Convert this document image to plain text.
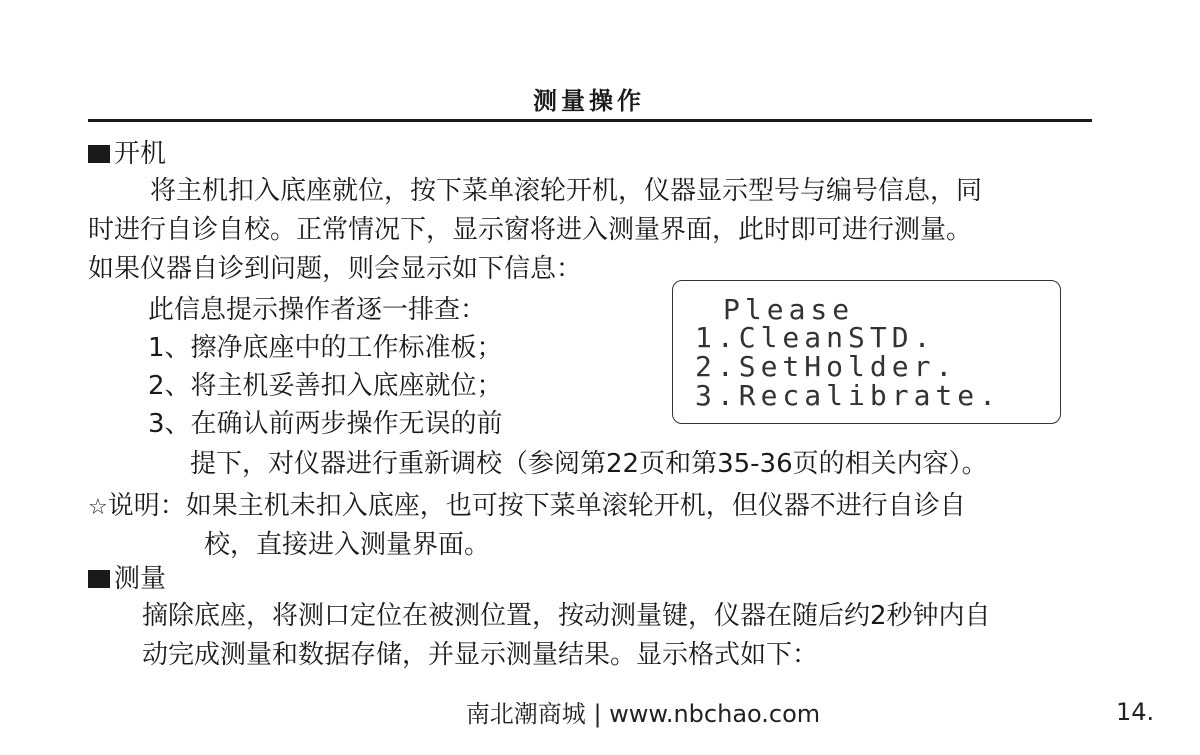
测量操作
开机
将主机扣入底座就位，按下菜单滚轮开机，仪器显示型号与编号信息，同
时进行自诊自校。正常情况下，显示窗将进入测量界面，此时即可进行测量。
如果仪器自诊到问题，则会显示如下信息：
此信息提示操作者逐一排查：
1、擦净底座中的工作标准板；
2、将主机妥善扣入底座就位；
3、在确认前两步操作无误的前
提下，对仪器进行重新调校（参阅第22页和第35-36页的相关内容）。
Please
1.CleanSTD.
2.SetHolder.
3.Recalibrate.
☆说明：如果主机未扣入底座，也可按下菜单滚轮开机，但仪器不进行自诊自
校，直接进入测量界面。
测量
摘除底座，将测口定位在被测位置，按动测量键，仪器在随后约2秒钟内自
动完成测量和数据存储，并显示测量结果。显示格式如下：
南北潮商城 | www.nbchao.com	14.
